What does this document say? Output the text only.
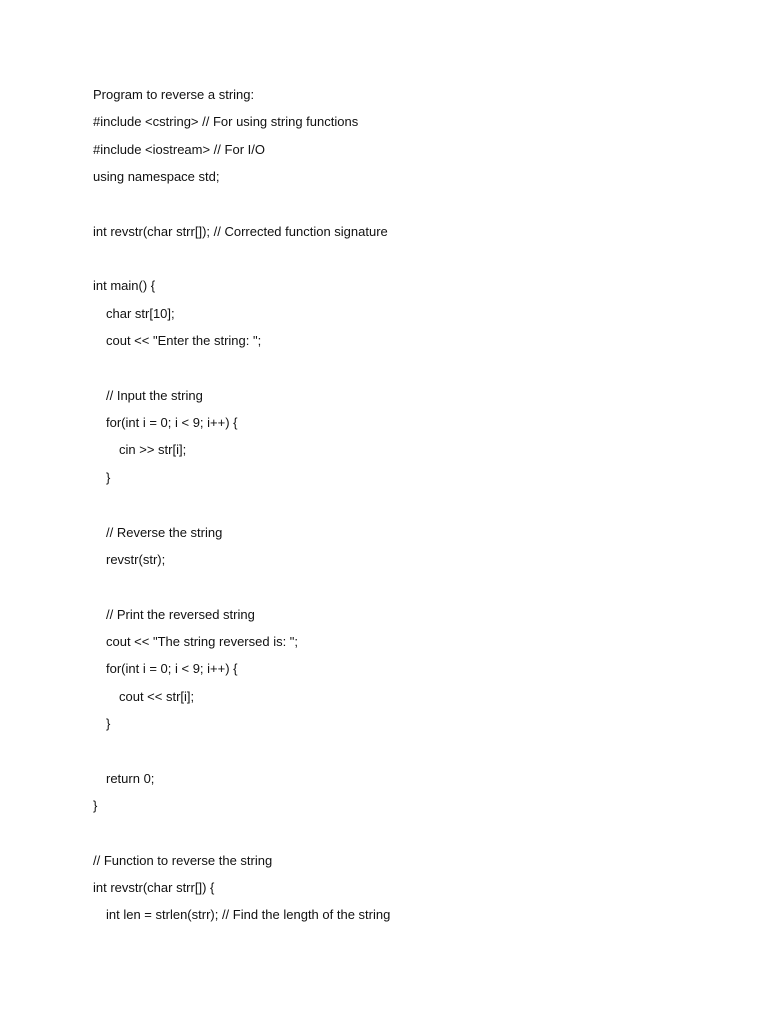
Program to reverse a string:
#include <cstring> // For using string functions
#include <iostream> // For I/O
using namespace std;
int revstr(char strr[]); // Corrected function signature
int main() {
char str[10];
cout << "Enter the string: ";
// Input the string
for(int i = 0; i < 9; i++) {
cin >> str[i];
}
// Reverse the string
revstr(str);
// Print the reversed string
cout << "The string reversed is: ";
for(int i = 0; i < 9; i++) {
cout << str[i];
}
return 0;
}
// Function to reverse the string
int revstr(char strr[]) {
int len = strlen(strr); // Find the length of the string
